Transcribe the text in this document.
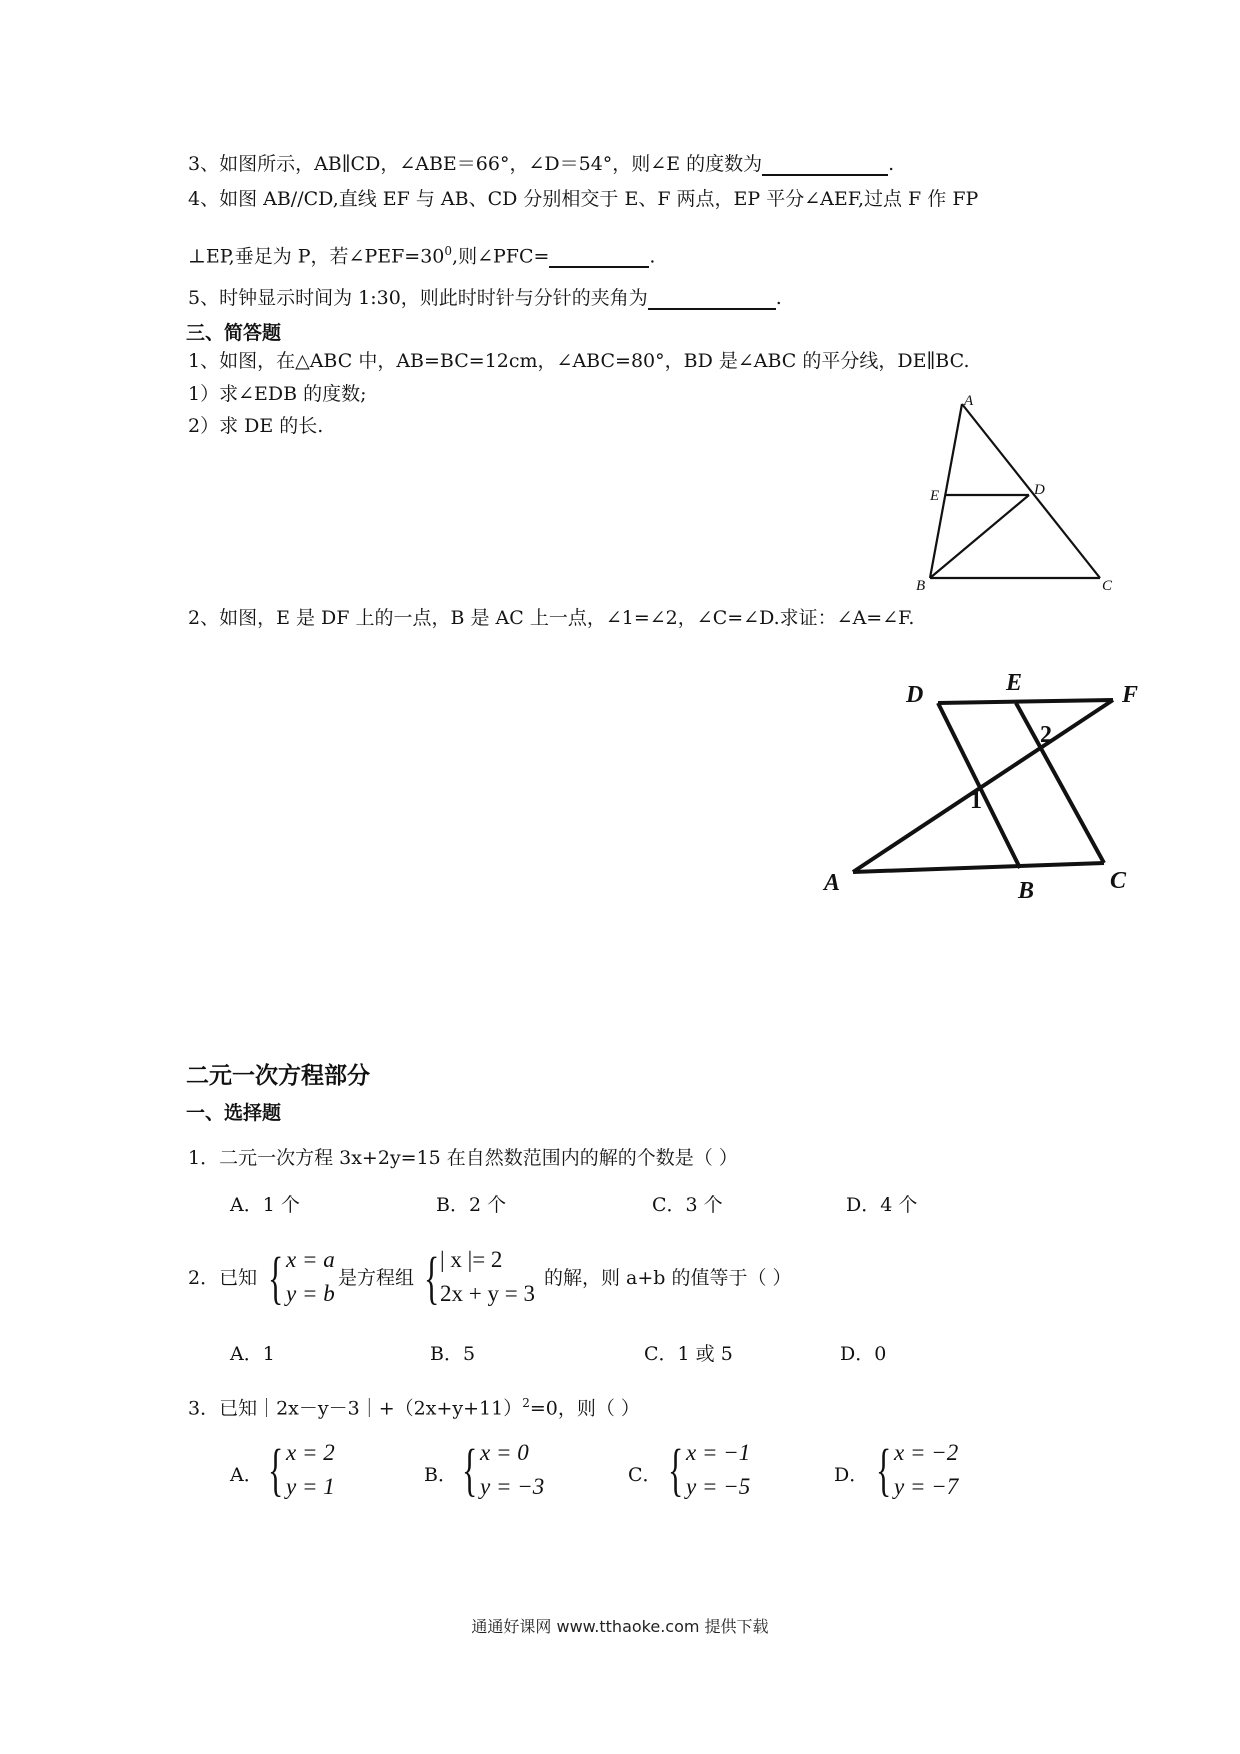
3、如图所示，AB∥CD，∠ABE＝66°，∠D＝54°，则∠E 的度数为	.
4、如图 AB//CD,直线 EF 与 AB、CD 分别相交于 E、F 两点，EP 平分∠AEF,过点 F 作 FP
⊥EP,垂足为 P，若$\angle PEF=30^0$,则∠PFC=	.
5、时钟显示时间为 1:30，则此时时针与分针的夹角为	.
三、简答题
1、如图，在△ABC 中，AB=BC=12cm，∠ABC=80°，BD 是∠ABC 的平分线，DE∥BC.
1）求∠EDB 的度数;
2）求 DE 的长.
A
E	D
B	C
2、如图，E 是 DF 上的一点，B 是 AC 上一点，∠1=∠2，∠C=∠D.求证：∠A=∠F.
D	E	F
A	B	C
1
2
二元一次方程部分
一、选择题
1．二元一次方程 3x+2y=15 在自然数范围内的解的个数是（ ）
A．1 个	B．2 个	C．3 个	D．4 个
2．已知 { x = a
y = b
是方程组 { | x |= 2
2x + y = 3
的解，则 a+b 的值等于（ ）
A．1	B．5	C．1 或 5	D．0
3．已知$|2x-y-3|+(2x+y+11)^2=0$，则（ ）
A． { x = 2
y = 1	B． { x = 0
y = −3	C． { x = −1
y = −5	D． { x = −2
y = −7
通通好课网 www.tthaoke.com 提供下载
